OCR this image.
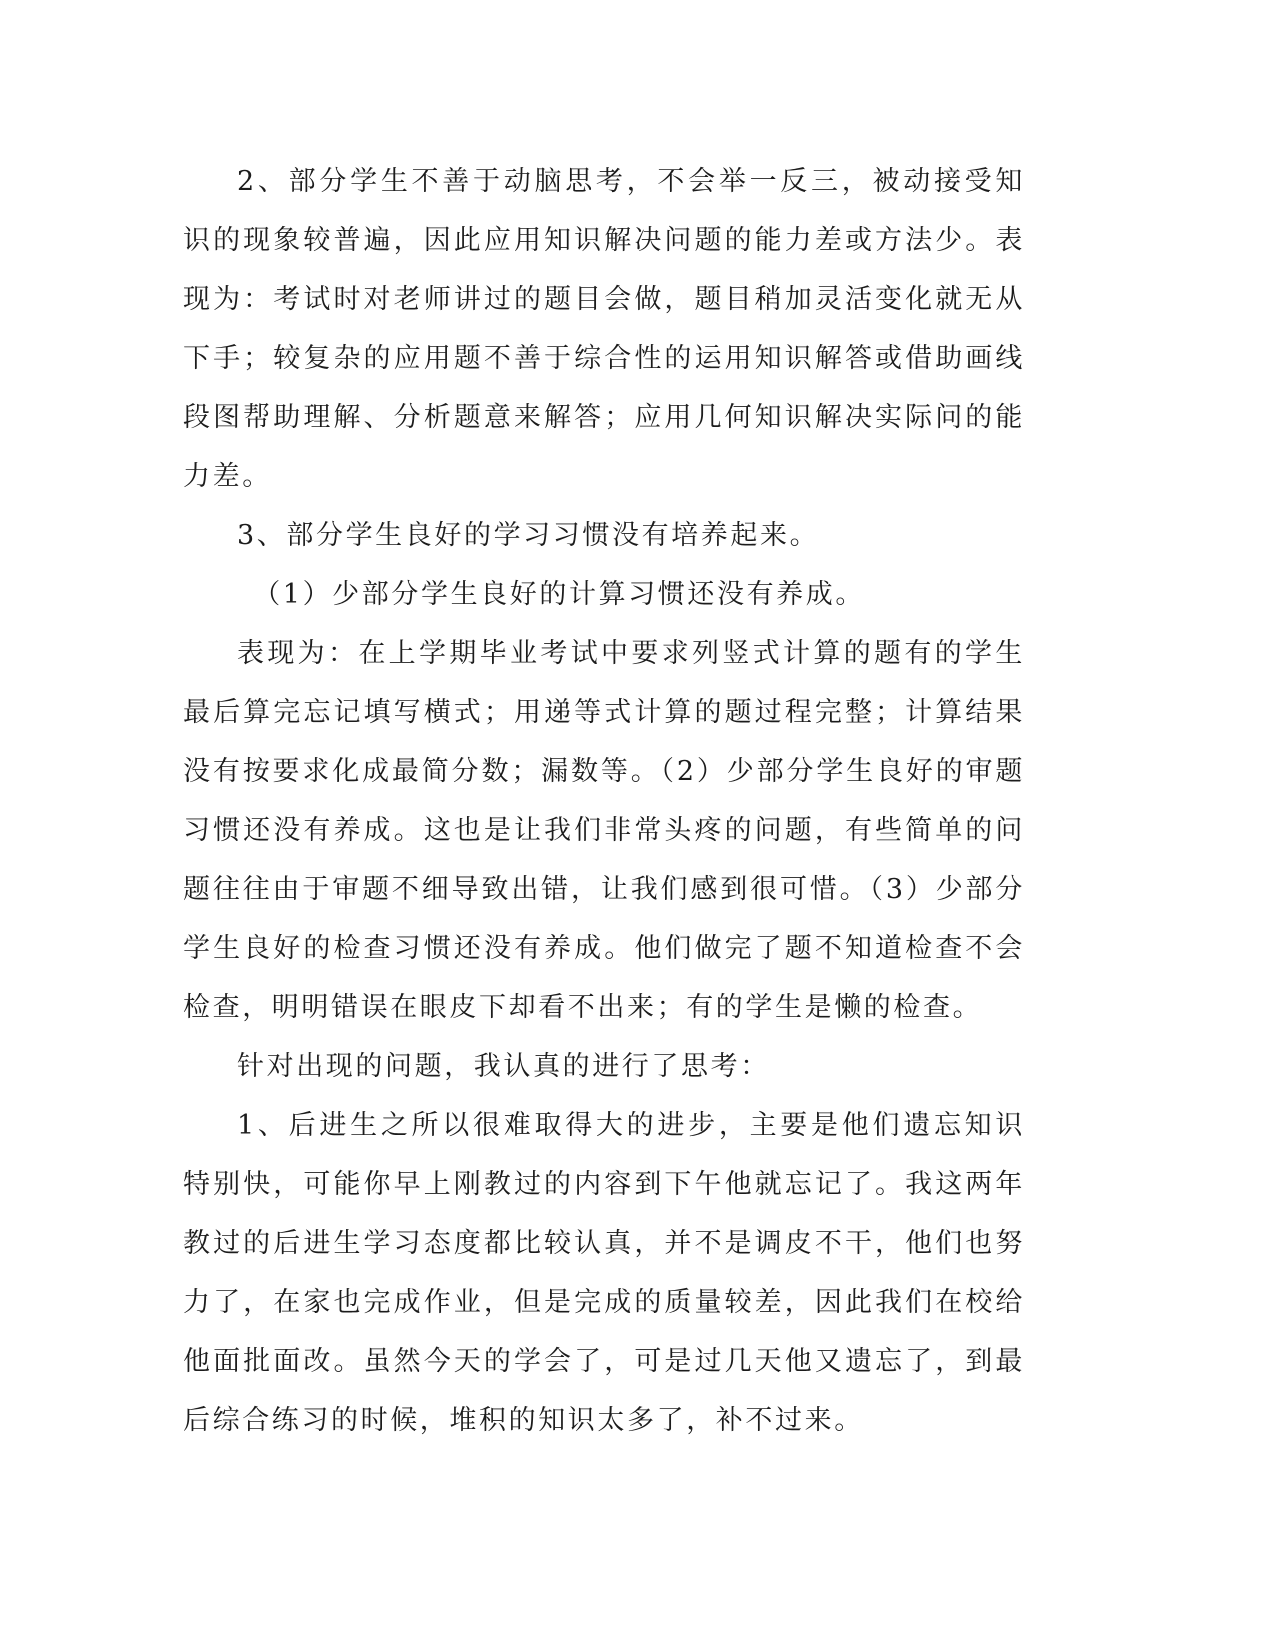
2、部分学生不善于动脑思考，不会举一反三，被动接受知识的现象较普遍，因此应用知识解决问题的能力差或方法少。表现为：考试时对老师讲过的题目会做，题目稍加灵活变化就无从下手；较复杂的应用题不善于综合性的运用知识解答或借助画线段图帮助理解、分析题意来解答；应用几何知识解决实际问的能力差。

3、部分学生良好的学习习惯没有培养起来。

（1）少部分学生良好的计算习惯还没有养成。

表现为：在上学期毕业考试中要求列竖式计算的题有的学生最后算完忘记填写横式；用递等式计算的题过程完整；计算结果没有按要求化成最简分数；漏数等。（2）少部分学生良好的审题习惯还没有养成。这也是让我们非常头疼的问题，有些简单的问题往往由于审题不细导致出错，让我们感到很可惜。（3）少部分学生良好的检查习惯还没有养成。他们做完了题不知道检查不会检查，明明错误在眼皮下却看不出来；有的学生是懒的检查。

针对出现的问题，我认真的进行了思考：

1、后进生之所以很难取得大的进步，主要是他们遗忘知识特别快，可能你早上刚教过的内容到下午他就忘记了。我这两年教过的后进生学习态度都比较认真，并不是调皮不干，他们也努力了，在家也完成作业，但是完成的质量较差，因此我们在校给他面批面改。虽然今天的学会了，可是过几天他又遗忘了，到最后综合练习的时候，堆积的知识太多了，补不过来。
